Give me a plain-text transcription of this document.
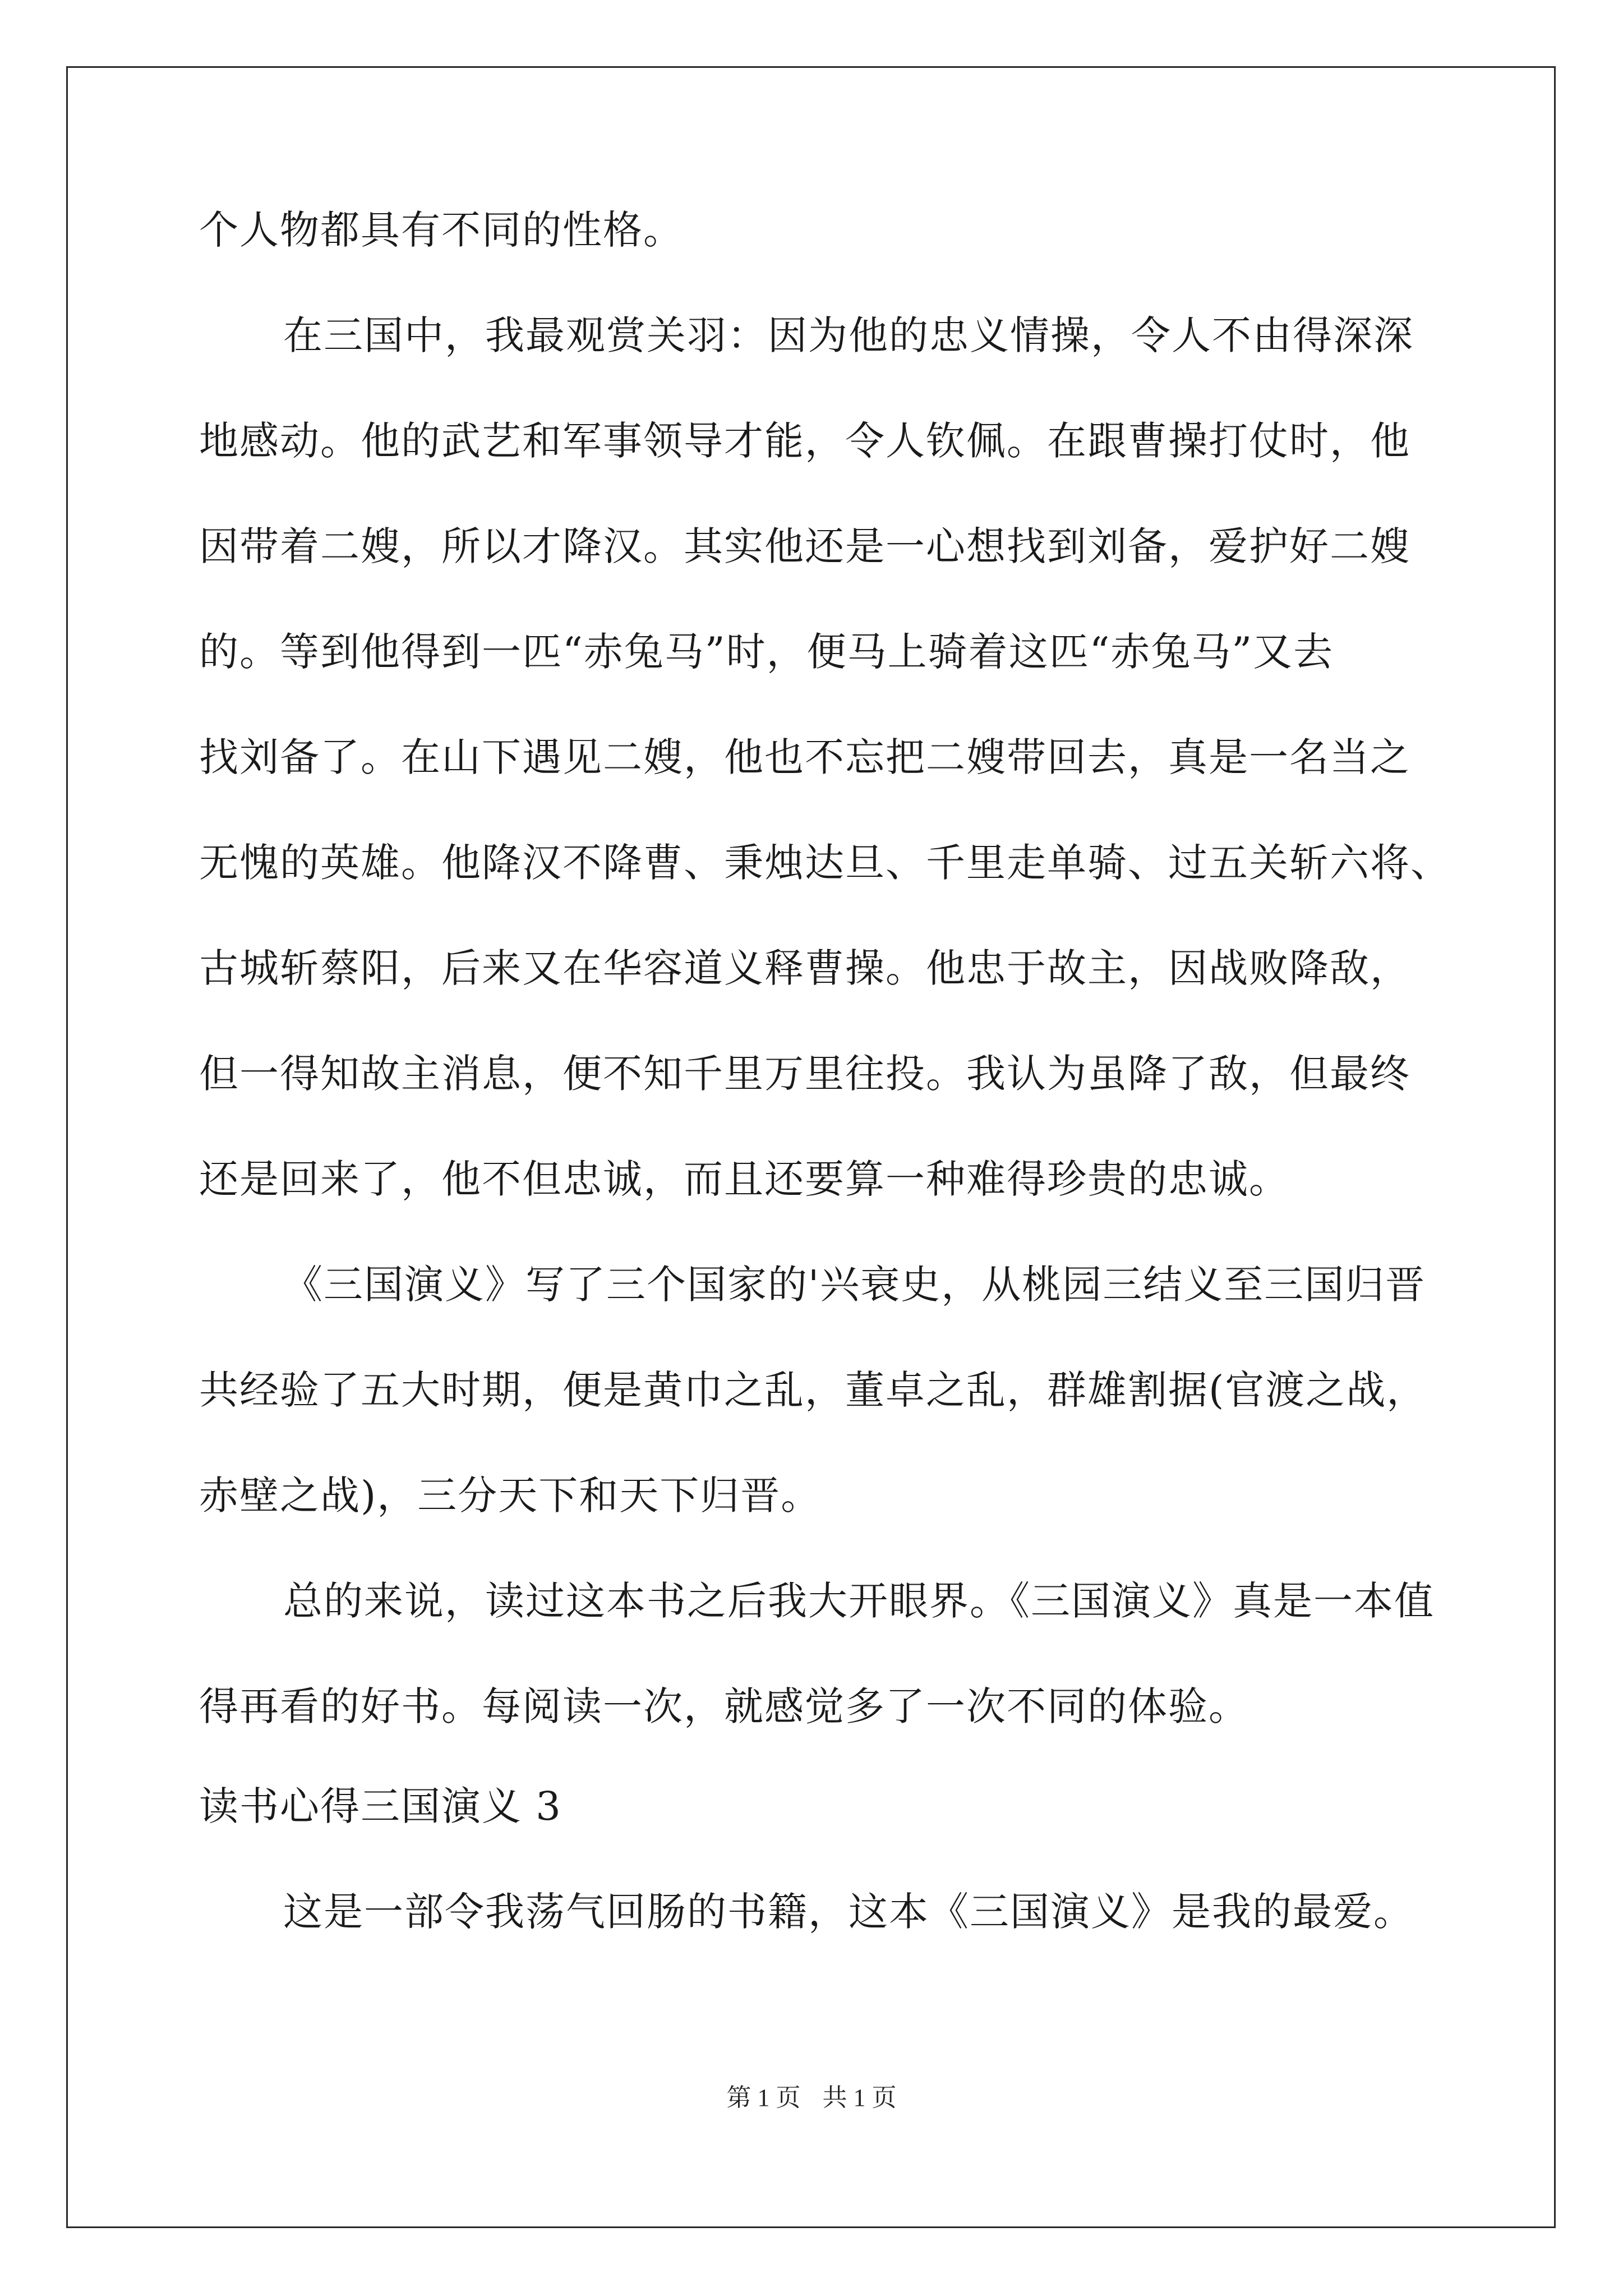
个人物都具有不同的性格。
在三国中，我最观赏关羽：因为他的忠义情操，令人不由得深深
地感动。他的武艺和军事领导才能，令人钦佩。在跟曹操打仗时，他
因带着二嫂，所以才降汉。其实他还是一心想找到刘备，爱护好二嫂
的。等到他得到一匹“赤兔马”时，便马上骑着这匹“赤兔马”又去
找刘备了。在山下遇见二嫂，他也不忘把二嫂带回去，真是一名当之
无愧的英雄。他降汉不降曹、秉烛达旦、千里走单骑、过五关斩六将、
古城斩蔡阳，后来又在华容道义释曹操。他忠于故主，因战败降敌，
但一得知故主消息，便不知千里万里往投。我认为虽降了敌，但最终
还是回来了，他不但忠诚，而且还要算一种难得珍贵的忠诚。
《三国演义》写了三个国家的'兴衰史，从桃园三结义至三国归晋
共经验了五大时期，便是黄巾之乱，董卓之乱，群雄割据(官渡之战，
赤壁之战)，三分天下和天下归晋。
总的来说，读过这本书之后我大开眼界。《三国演义》真是一本值
得再看的好书。每阅读一次，就感觉多了一次不同的体验。
读书心得三国演义 3
这是一部令我荡气回肠的书籍，这本《三国演义》是我的最爱。
第 1 页 共 1 页
